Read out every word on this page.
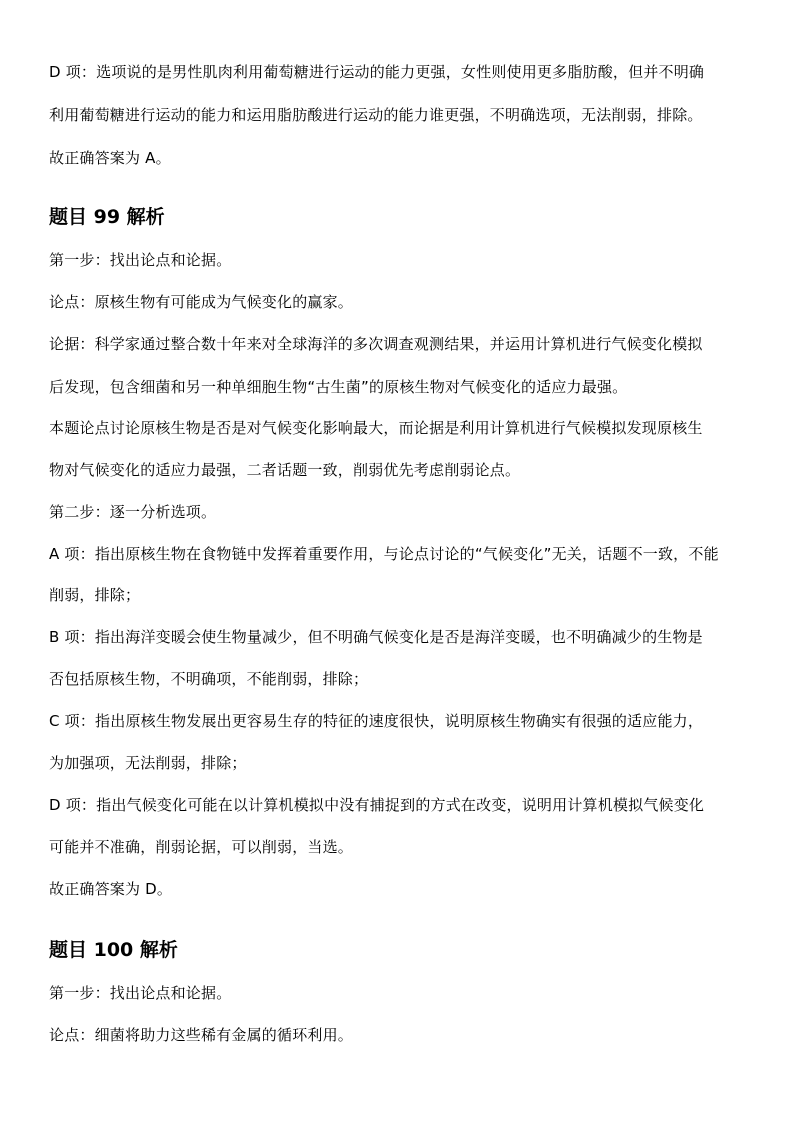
D 项：选项说的是男性肌肉利用葡萄糖进行运动的能力更强，女性则使用更多脂肪酸，但并不明确
利用葡萄糖进行运动的能力和运用脂肪酸进行运动的能力谁更强，不明确选项，无法削弱，排除。
故正确答案为 A。
题目 99 解析
第一步：找出论点和论据。
论点：原核生物有可能成为气候变化的赢家。
论据：科学家通过整合数十年来对全球海洋的多次调查观测结果，并运用计算机进行气候变化模拟
后发现，包含细菌和另一种单细胞生物“古生菌”的原核生物对气候变化的适应力最强。
本题论点讨论原核生物是否是对气候变化影响最大，而论据是利用计算机进行气候模拟发现原核生
物对气候变化的适应力最强，二者话题一致，削弱优先考虑削弱论点。
第二步：逐一分析选项。
A 项：指出原核生物在食物链中发挥着重要作用，与论点讨论的“气候变化”无关，话题不一致，不能
削弱，排除；
B 项：指出海洋变暖会使生物量减少，但不明确气候变化是否是海洋变暖，也不明确减少的生物是
否包括原核生物，不明确项，不能削弱，排除；
C 项：指出原核生物发展出更容易生存的特征的速度很快，说明原核生物确实有很强的适应能力，
为加强项，无法削弱，排除；
D 项：指出气候变化可能在以计算机模拟中没有捕捉到的方式在改变，说明用计算机模拟气候变化
可能并不准确，削弱论据，可以削弱，当选。
故正确答案为 D。
题目 100 解析
第一步：找出论点和论据。
论点：细菌将助力这些稀有金属的循环利用。
